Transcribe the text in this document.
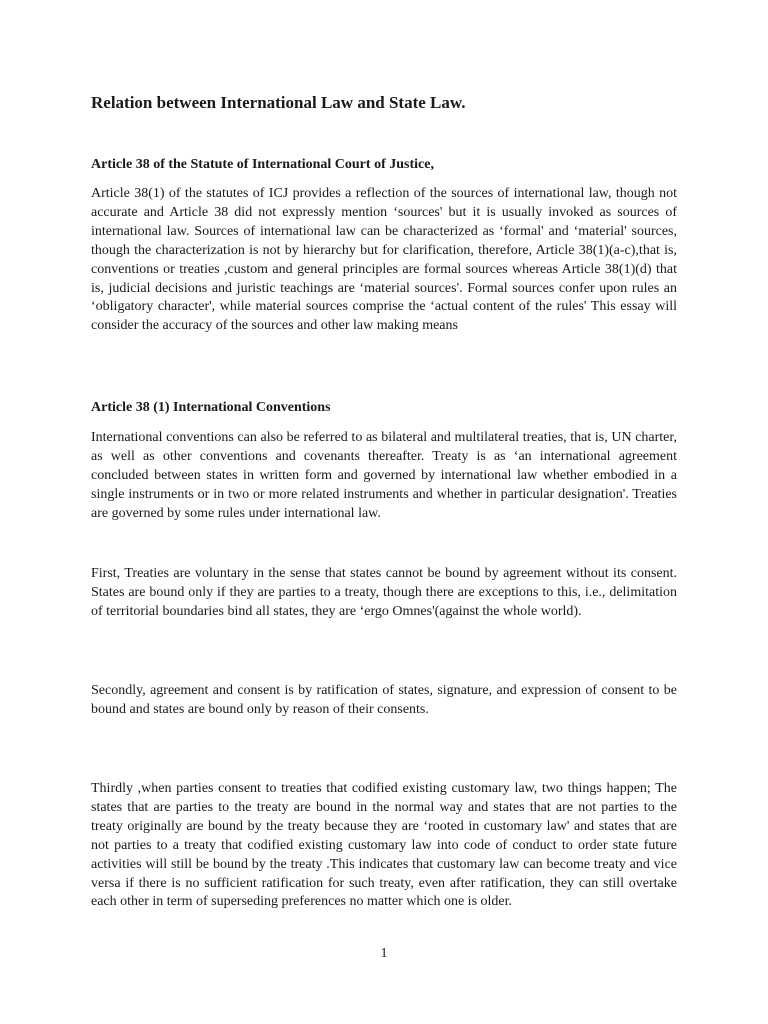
Relation between International Law and State Law.
Article 38 of the Statute of International Court of Justice,

Article 38(1) of the statutes of ICJ provides a reflection of the sources of international law, though not accurate and Article 38 did not expressly mention ‘sources' but it is usually invoked as sources of international law. Sources of international law can be characterized as ‘formal' and ‘material' sources, though the characterization is not by hierarchy but for clarification, therefore, Article 38(1)(a-c),that is, conventions or treaties ,custom and general principles are formal sources whereas Article 38(1)(d) that is, judicial decisions and juristic teachings are ‘material sources'. Formal sources confer upon rules an ‘obligatory character', while material sources comprise the ‘actual content of the rules' This essay will consider the accuracy of the sources and other law making means

Article 38 (1) International Conventions

International conventions can also be referred to as bilateral and multilateral treaties, that is, UN charter, as well as other conventions and covenants thereafter. Treaty is as ‘an international agreement concluded between states in written form and governed by international law whether embodied in a single instruments or in two or more related instruments and whether in particular designation'. Treaties are governed by some rules under international law.

First, Treaties are voluntary in the sense that states cannot be bound by agreement without its consent. States are bound only if they are parties to a treaty, though there are exceptions to this, i.e., delimitation of territorial boundaries bind all states, they are ‘ergo Omnes'(against the whole world).

Secondly, agreement and consent is by ratification of states, signature, and expression of consent to be bound and states are bound only by reason of their consents.

Thirdly ,when parties consent to treaties that codified existing customary law, two things happen; The states that are parties to the treaty are bound in the normal way and states that are not parties to the treaty originally are bound by the treaty because they are ‘rooted in customary law' and states that are not parties to a treaty that codified existing customary law into code of conduct to order state future activities will still be bound by the treaty .This indicates that customary law can become treaty and vice versa if there is no sufficient ratification for such treaty, even after ratification, they can still overtake each other in term of superseding preferences no matter which one is older.

1
